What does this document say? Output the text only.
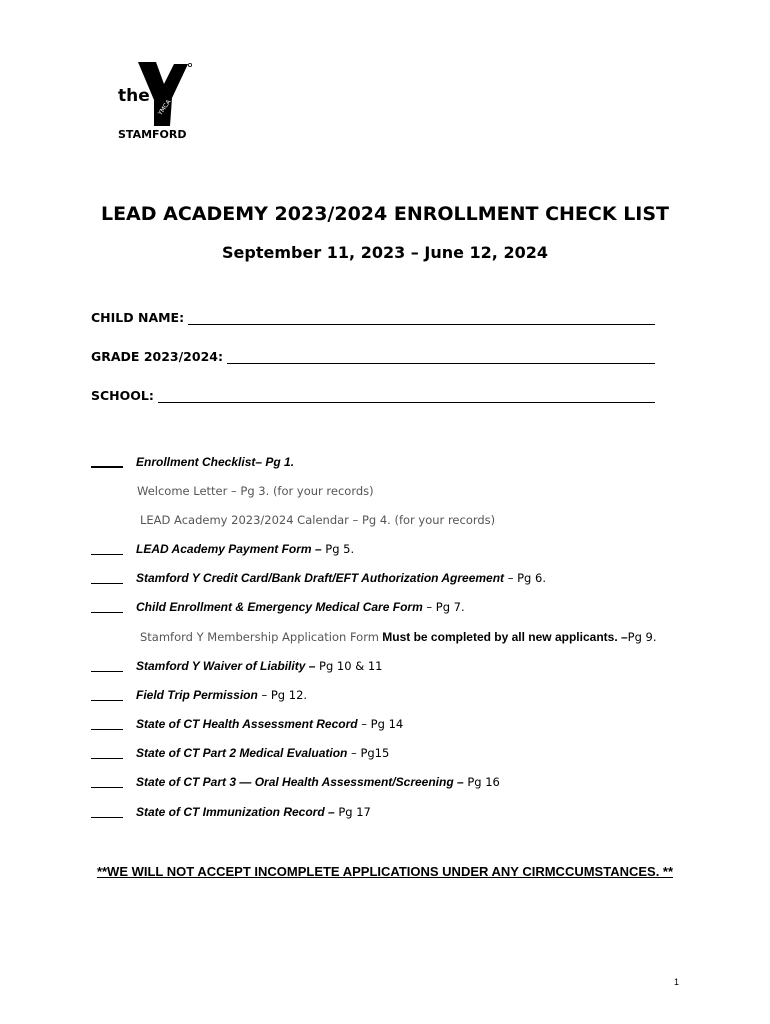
the
YMCA
STAMFORD
LEAD ACADEMY 2023/2024 ENROLLMENT CHECK LIST
September 11, 2023 – June 12, 2024
CHILD NAME:
GRADE 2023/2024:
SCHOOL:
Enrollment Checklist– Pg 1.
Welcome Letter – Pg 3. (for your records)
LEAD Academy 2023/2024 Calendar – Pg 4. (for your records)
LEAD Academy Payment Form – Pg 5.
Stamford Y Credit Card/Bank Draft/EFT Authorization Agreement – Pg 6.
Child Enrollment & Emergency Medical Care Form – Pg 7.
Stamford Y Membership Application Form Must be completed by all new applicants. –Pg 9.
Stamford Y Waiver of Liability – Pg 10 & 11
Field Trip Permission – Pg 12.
State of CT Health Assessment Record – Pg 14
State of CT Part 2 Medical Evaluation – Pg15
State of CT Part 3 — Oral Health Assessment/Screening – Pg 16
State of CT Immunization Record – Pg 17
**WE WILL NOT ACCEPT INCOMPLETE APPLICATIONS UNDER ANY CIRMCCUMSTANCES. **
1
